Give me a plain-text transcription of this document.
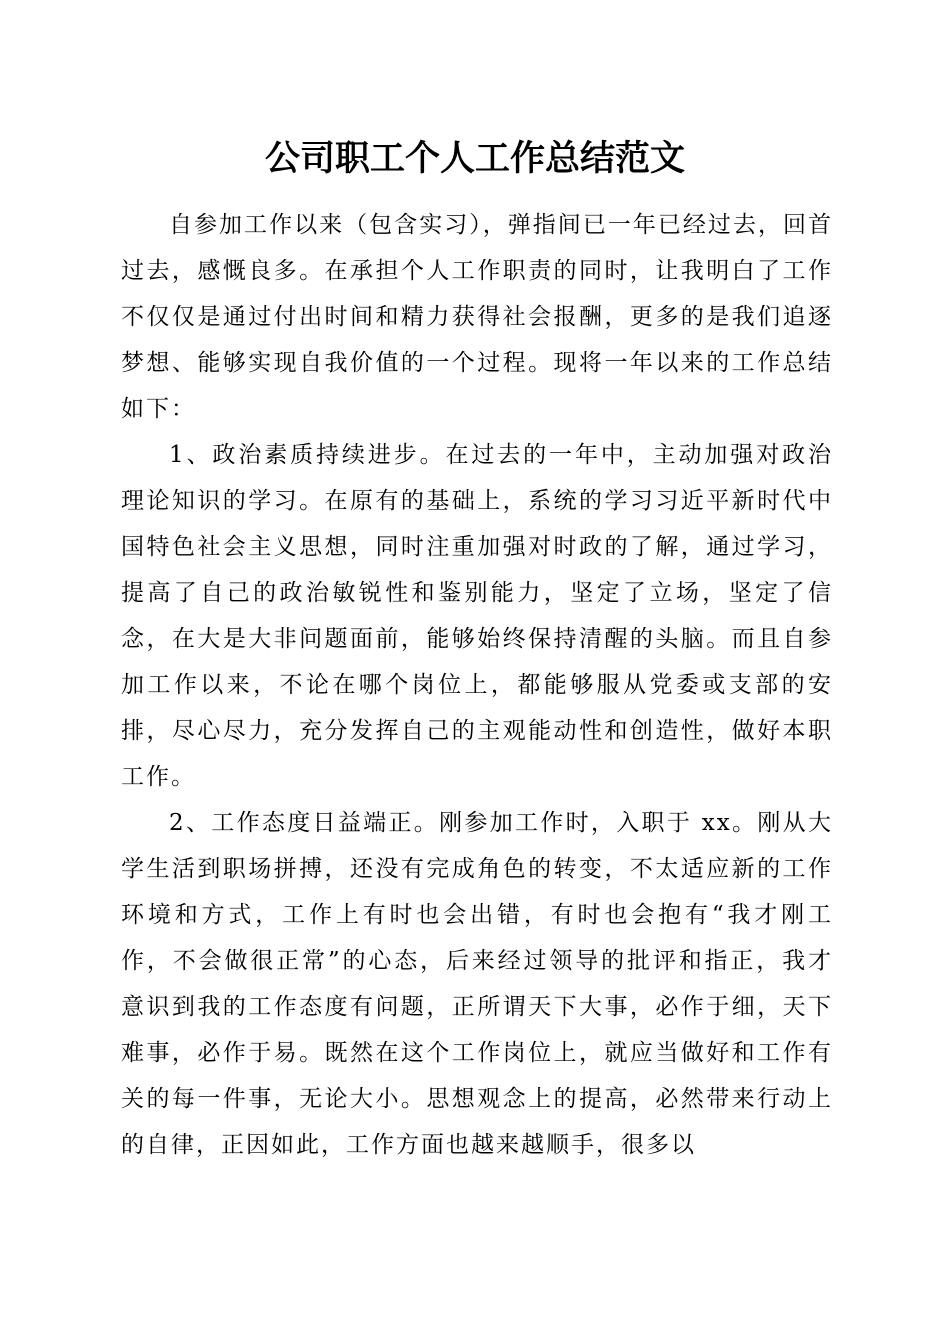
公司职工个人工作总结范文

自参加工作以来（包含实习），弹指间已一年已经过去，回首过去，感慨良多。在承担个人工作职责的同时，让我明白了工作不仅仅是通过付出时间和精力获得社会报酬，更多的是我们追逐梦想、能够实现自我价值的一个过程。现将一年以来的工作总结如下：

1、政治素质持续进步。在过去的一年中，主动加强对政治理论知识的学习。在原有的基础上，系统的学习习近平新时代中国特色社会主义思想，同时注重加强对时政的了解，通过学习，提高了自己的政治敏锐性和鉴别能力，坚定了立场，坚定了信念，在大是大非问题面前，能够始终保持清醒的头脑。而且自参加工作以来，不论在哪个岗位上，都能够服从党委或支部的安排，尽心尽力，充分发挥自己的主观能动性和创造性，做好本职工作。

2、工作态度日益端正。刚参加工作时，入职于 xx。刚从大学生活到职场拼搏，还没有完成角色的转变，不太适应新的工作环境和方式，工作上有时也会出错，有时也会抱有“我才刚工作，不会做很正常”的心态，后来经过领导的批评和指正，我才意识到我的工作态度有问题，正所谓天下大事，必作于细，天下难事，必作于易。既然在这个工作岗位上，就应当做好和工作有关的每一件事，无论大小。思想观念上的提高，必然带来行动上的自律，正因如此，工作方面也越来越顺手，很多以
